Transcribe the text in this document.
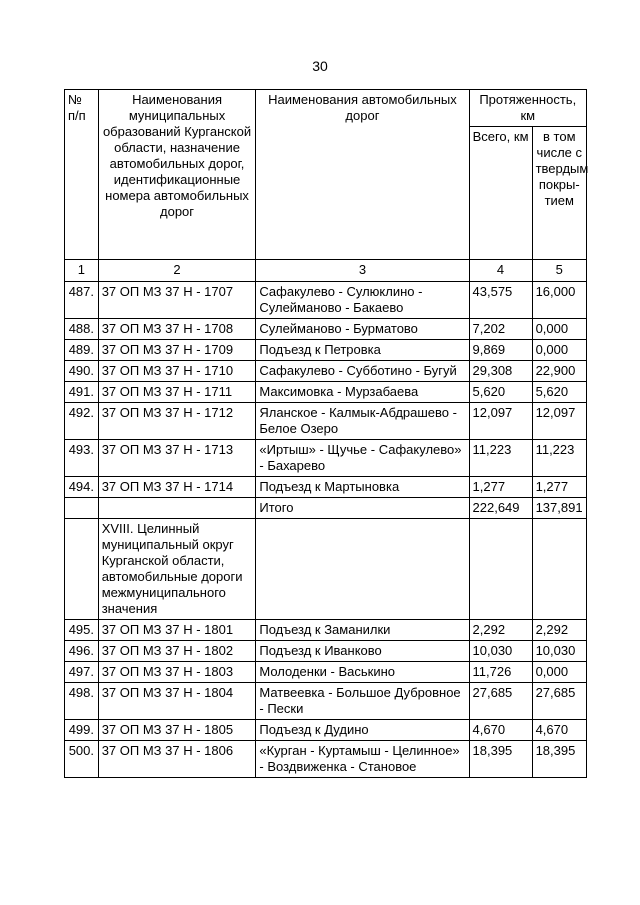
30
№ п/п	Наименования муниципальных образований Курганской области, назначение автомобильных дорог, идентификационные номера автомобильных дорог	Наименования автомобильных дорог	Протяженность, км	
			Всего, км	в том числе с твердым покры-тием
1	2	3	4	5
487.	37 ОП МЗ 37 Н - 1707	Сафакулево - Сулюклино - Сулейманово - Бакаево	43,575	16,000
488.	37 ОП МЗ 37 Н - 1708	Сулейманово - Бурматово	7,202	0,000
489.	37 ОП МЗ 37 Н - 1709	Подъезд к Петровка	9,869	0,000
490.	37 ОП МЗ 37 Н - 1710	Сафакулево - Субботино - Бугуй	29,308	22,900
491.	37 ОП МЗ 37 Н - 1711	Максимовка - Мурзабаева	5,620	5,620
492.	37 ОП МЗ 37 Н - 1712	Яланское - Калмык-Абдрашево - Белое Озеро	12,097	12,097
493.	37 ОП МЗ 37 Н - 1713	«Иртыш» - Щучье - Сафакулево» - Бахарево	11,223	11,223
494.	37 ОП МЗ 37 Н - 1714	Подъезд к Мартыновка	1,277	1,277
		Итого	222,649	137,891
	XVIII. Целинный муниципальный округ Курганской области, автомобильные дороги межмуниципального значения			
495.	37 ОП МЗ 37 Н - 1801	Подъезд к Заманилки	2,292	2,292
496.	37 ОП МЗ 37 Н - 1802	Подъезд к Иванково	10,030	10,030
497.	37 ОП МЗ 37 Н - 1803	Молоденки - Васькино	11,726	0,000
498.	37 ОП МЗ 37 Н - 1804	Матвеевка - Большое Дубровное - Пески	27,685	27,685
499.	37 ОП МЗ 37 Н - 1805	Подъезд к Дудино	4,670	4,670
500.	37 ОП МЗ 37 Н - 1806	«Курган - Куртамыш - Целинное» - Воздвиженка - Становое	18,395	18,395
